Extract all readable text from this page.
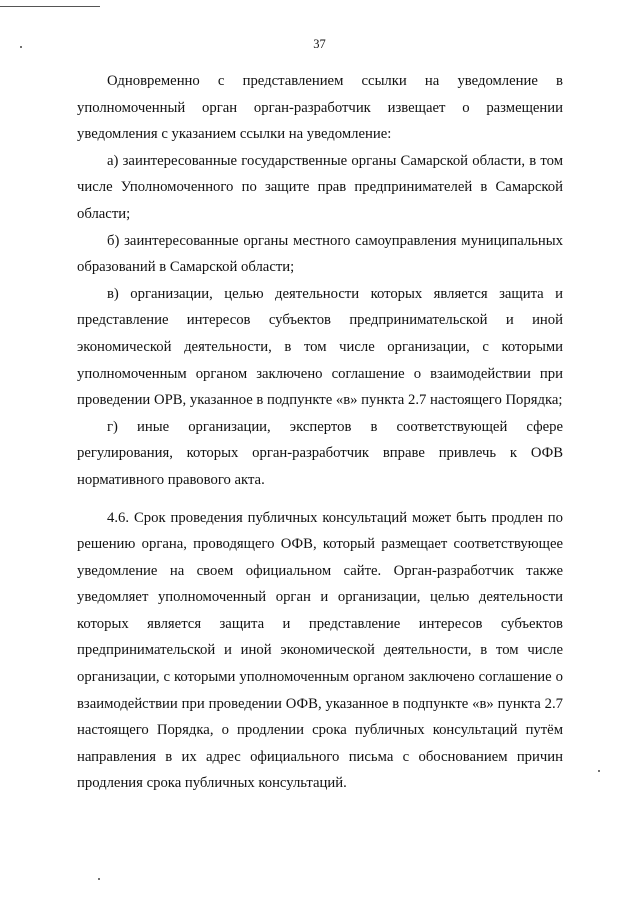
37

Одновременно с представлением ссылки на уведомление в уполномоченный орган орган-разработчик извещает о размещении уведомления с указанием ссылки на уведомление:

а) заинтересованные государственные органы Самарской области, в том числе Уполномоченного по защите прав предпринимателей в Самарской области;

б) заинтересованные органы местного самоуправления муниципальных образований в Самарской области;

в) организации, целью деятельности которых является защита и представление интересов субъектов предпринимательской и иной экономической деятельности, в том числе организации, с которыми уполномоченным органом заключено соглашение о взаимодействии при проведении ОРВ, указанное в подпункте «в» пункта 2.7 настоящего Порядка;

г) иные организации, экспертов в соответствующей сфере регулирования, которых орган-разработчик вправе привлечь к ОФВ нормативного правового акта.

4.6. Срок проведения публичных консультаций может быть продлен по решению органа, проводящего ОФВ, который размещает соответствующее уведомление на своем официальном сайте. Орган-разработчик также уведомляет уполномоченный орган и организации, целью деятельности которых является защита и представление интересов субъектов предпринимательской и иной экономической деятельности, в том числе организации, с которыми уполномоченным органом заключено соглашение о взаимодействии при проведении ОФВ, указанное в подпункте «в» пункта 2.7 настоящего Порядка, о продлении срока публичных консультаций путём направления в их адрес официального письма с обоснованием причин продления срока публичных консультаций.
